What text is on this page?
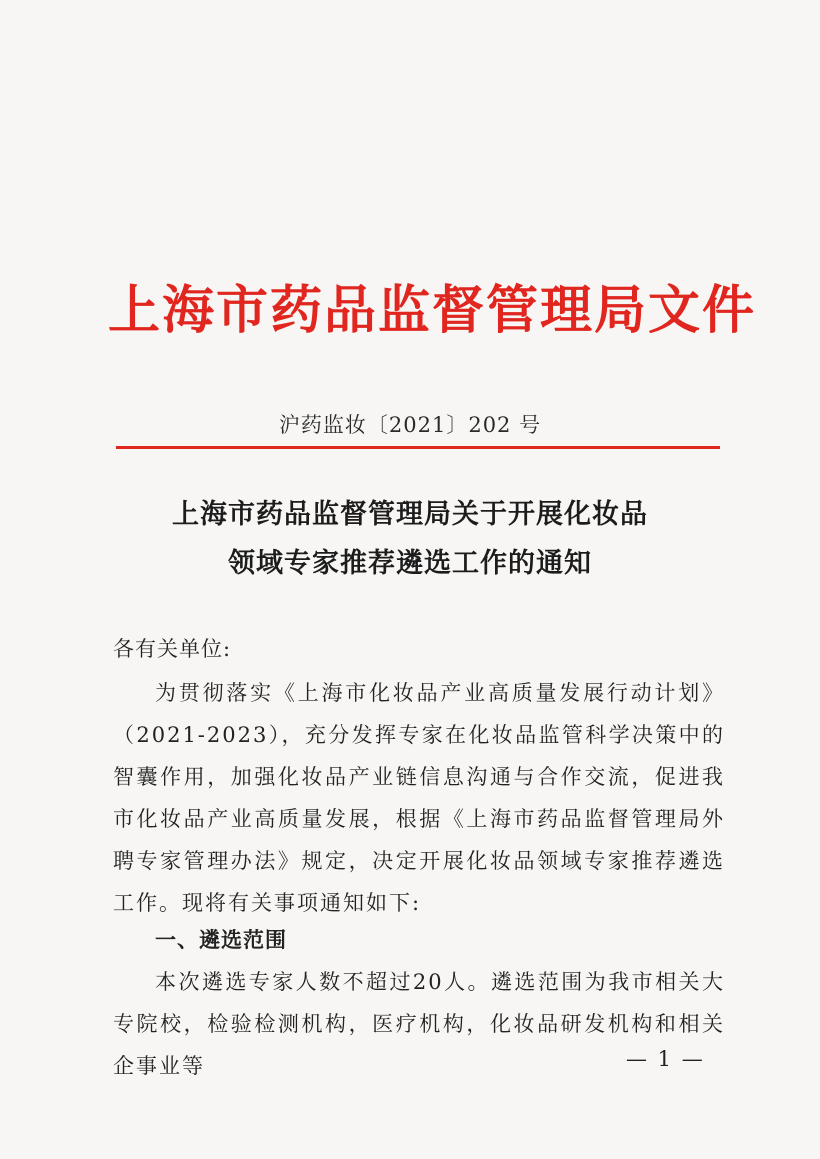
上海市药品监督管理局文件
沪药监妆〔2021〕202 号
上海市药品监督管理局关于开展化妆品
领域专家推荐遴选工作的通知
各有关单位:
为贯彻落实《上海市化妆品产业高质量发展行动计划》（2021-2023），充分发挥专家在化妆品监管科学决策中的智囊作用，加强化妆品产业链信息沟通与合作交流，促进我市化妆品产业高质量发展，根据《上海市药品监督管理局外聘专家管理办法》规定，决定开展化妆品领域专家推荐遴选工作。现将有关事项通知如下:
一、遴选范围
本次遴选专家人数不超过20人。遴选范围为我市相关大专院校，检验检测机构，医疗机构，化妆品研发机构和相关企事业等	— 1 —
